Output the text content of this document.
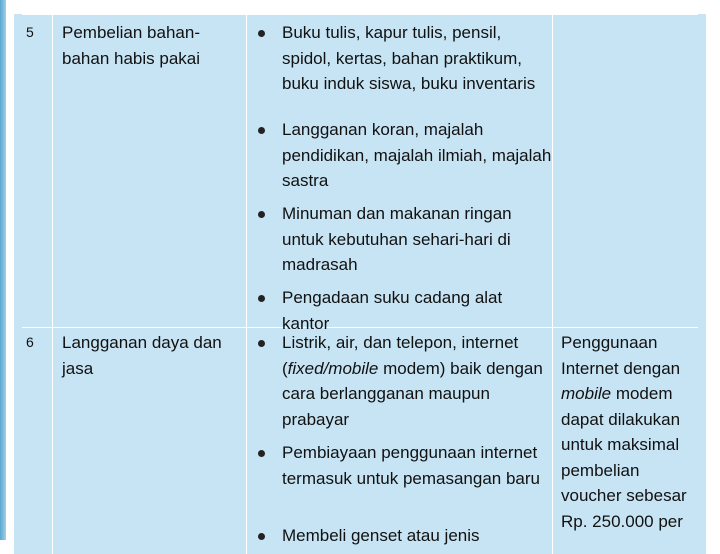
5 Pembelian bahan-bahan habis pakai
Buku tulis, kapur tulis, pensil, spidol, kertas, bahan praktikum, buku induk siswa, buku inventaris
Langganan koran, majalah pendidikan, majalah ilmiah, majalah sastra
Minuman dan makanan ringan untuk kebutuhan sehari-hari di madrasah
Pengadaan suku cadang alat kantor
6 Langganan daya dan jasa
Listrik, air, dan telepon, internet (fixed/mobile modem) baik dengan cara berlangganan maupun prabayar
Pembiayaan penggunaan internet termasuk untuk pemasangan baru
Membeli genset atau jenis
Penggunaan Internet dengan mobile modem dapat dilakukan untuk maksimal pembelian voucher sebesar Rp. 250.000 per
